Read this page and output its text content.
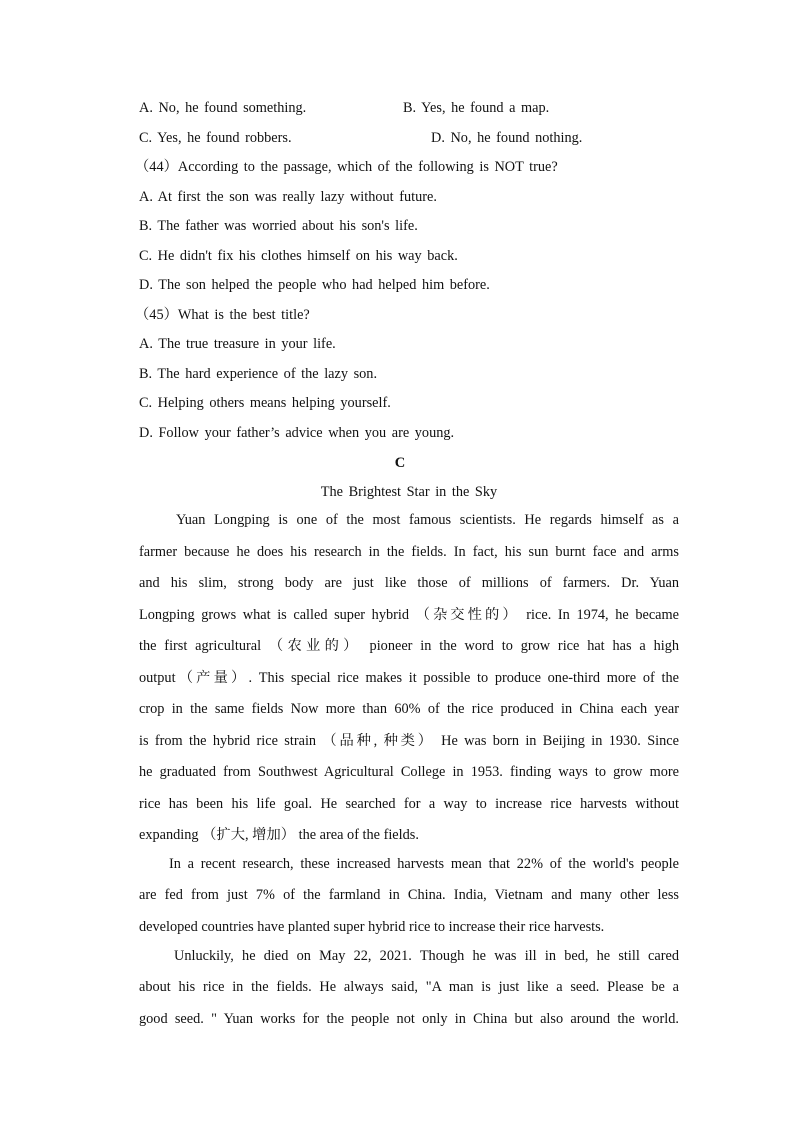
A. No, he found something.	B. Yes, he found a map.
C. Yes, he found robbers.	D. No, he found nothing.
（44）According to the passage, which of the following is NOT true?
A. At first the son was really lazy without future.
B. The father was worried about his son's life.
C. He didn't fix his clothes himself on his way back.
D. The son helped the people who had helped him before.
（45）What is the best title?
A. The true treasure in your life.
B. The hard experience of the lazy son.
C. Helping others means helping yourself.
D. Follow your father’s advice when you are young.
C
The Brightest Star in the Sky
Yuan Longping is one of the most famous scientists. He regards himself as a
farmer because he does his research in the fields. In fact, his sun burnt face and arms
and his slim, strong body are just like those of millions of farmers. Dr. Yuan
Longping grows what is called super hybrid （杂交性的） rice. In 1974, he became
the first agricultural （农业的） pioneer in the word to grow rice hat has a high
output（产量）. This special rice makes it possible to produce one‐third more of the
crop in the same fields Now more than 60% of the rice produced in China each year
is from the hybrid rice strain （品种, 种类） He was born in Beijing in 1930. Since
he graduated from Southwest Agricultural College in 1953. finding ways to grow more
rice has been his life goal. He searched for a way to increase rice harvests without
expanding （扩大, 增加） the area of the fields.
In a recent research, these increased harvests mean that 22% of the world's people
are fed from just 7% of the farmland in China. India, Vietnam and many other less
developed countries have planted super hybrid rice to increase their rice harvests.
Unluckily, he died on May 22, 2021. Though he was ill in bed, he still cared
about his rice in the fields. He always said, "A man is just like a seed. Please be a
good seed. " Yuan works for the people not only in China but also around the world.
